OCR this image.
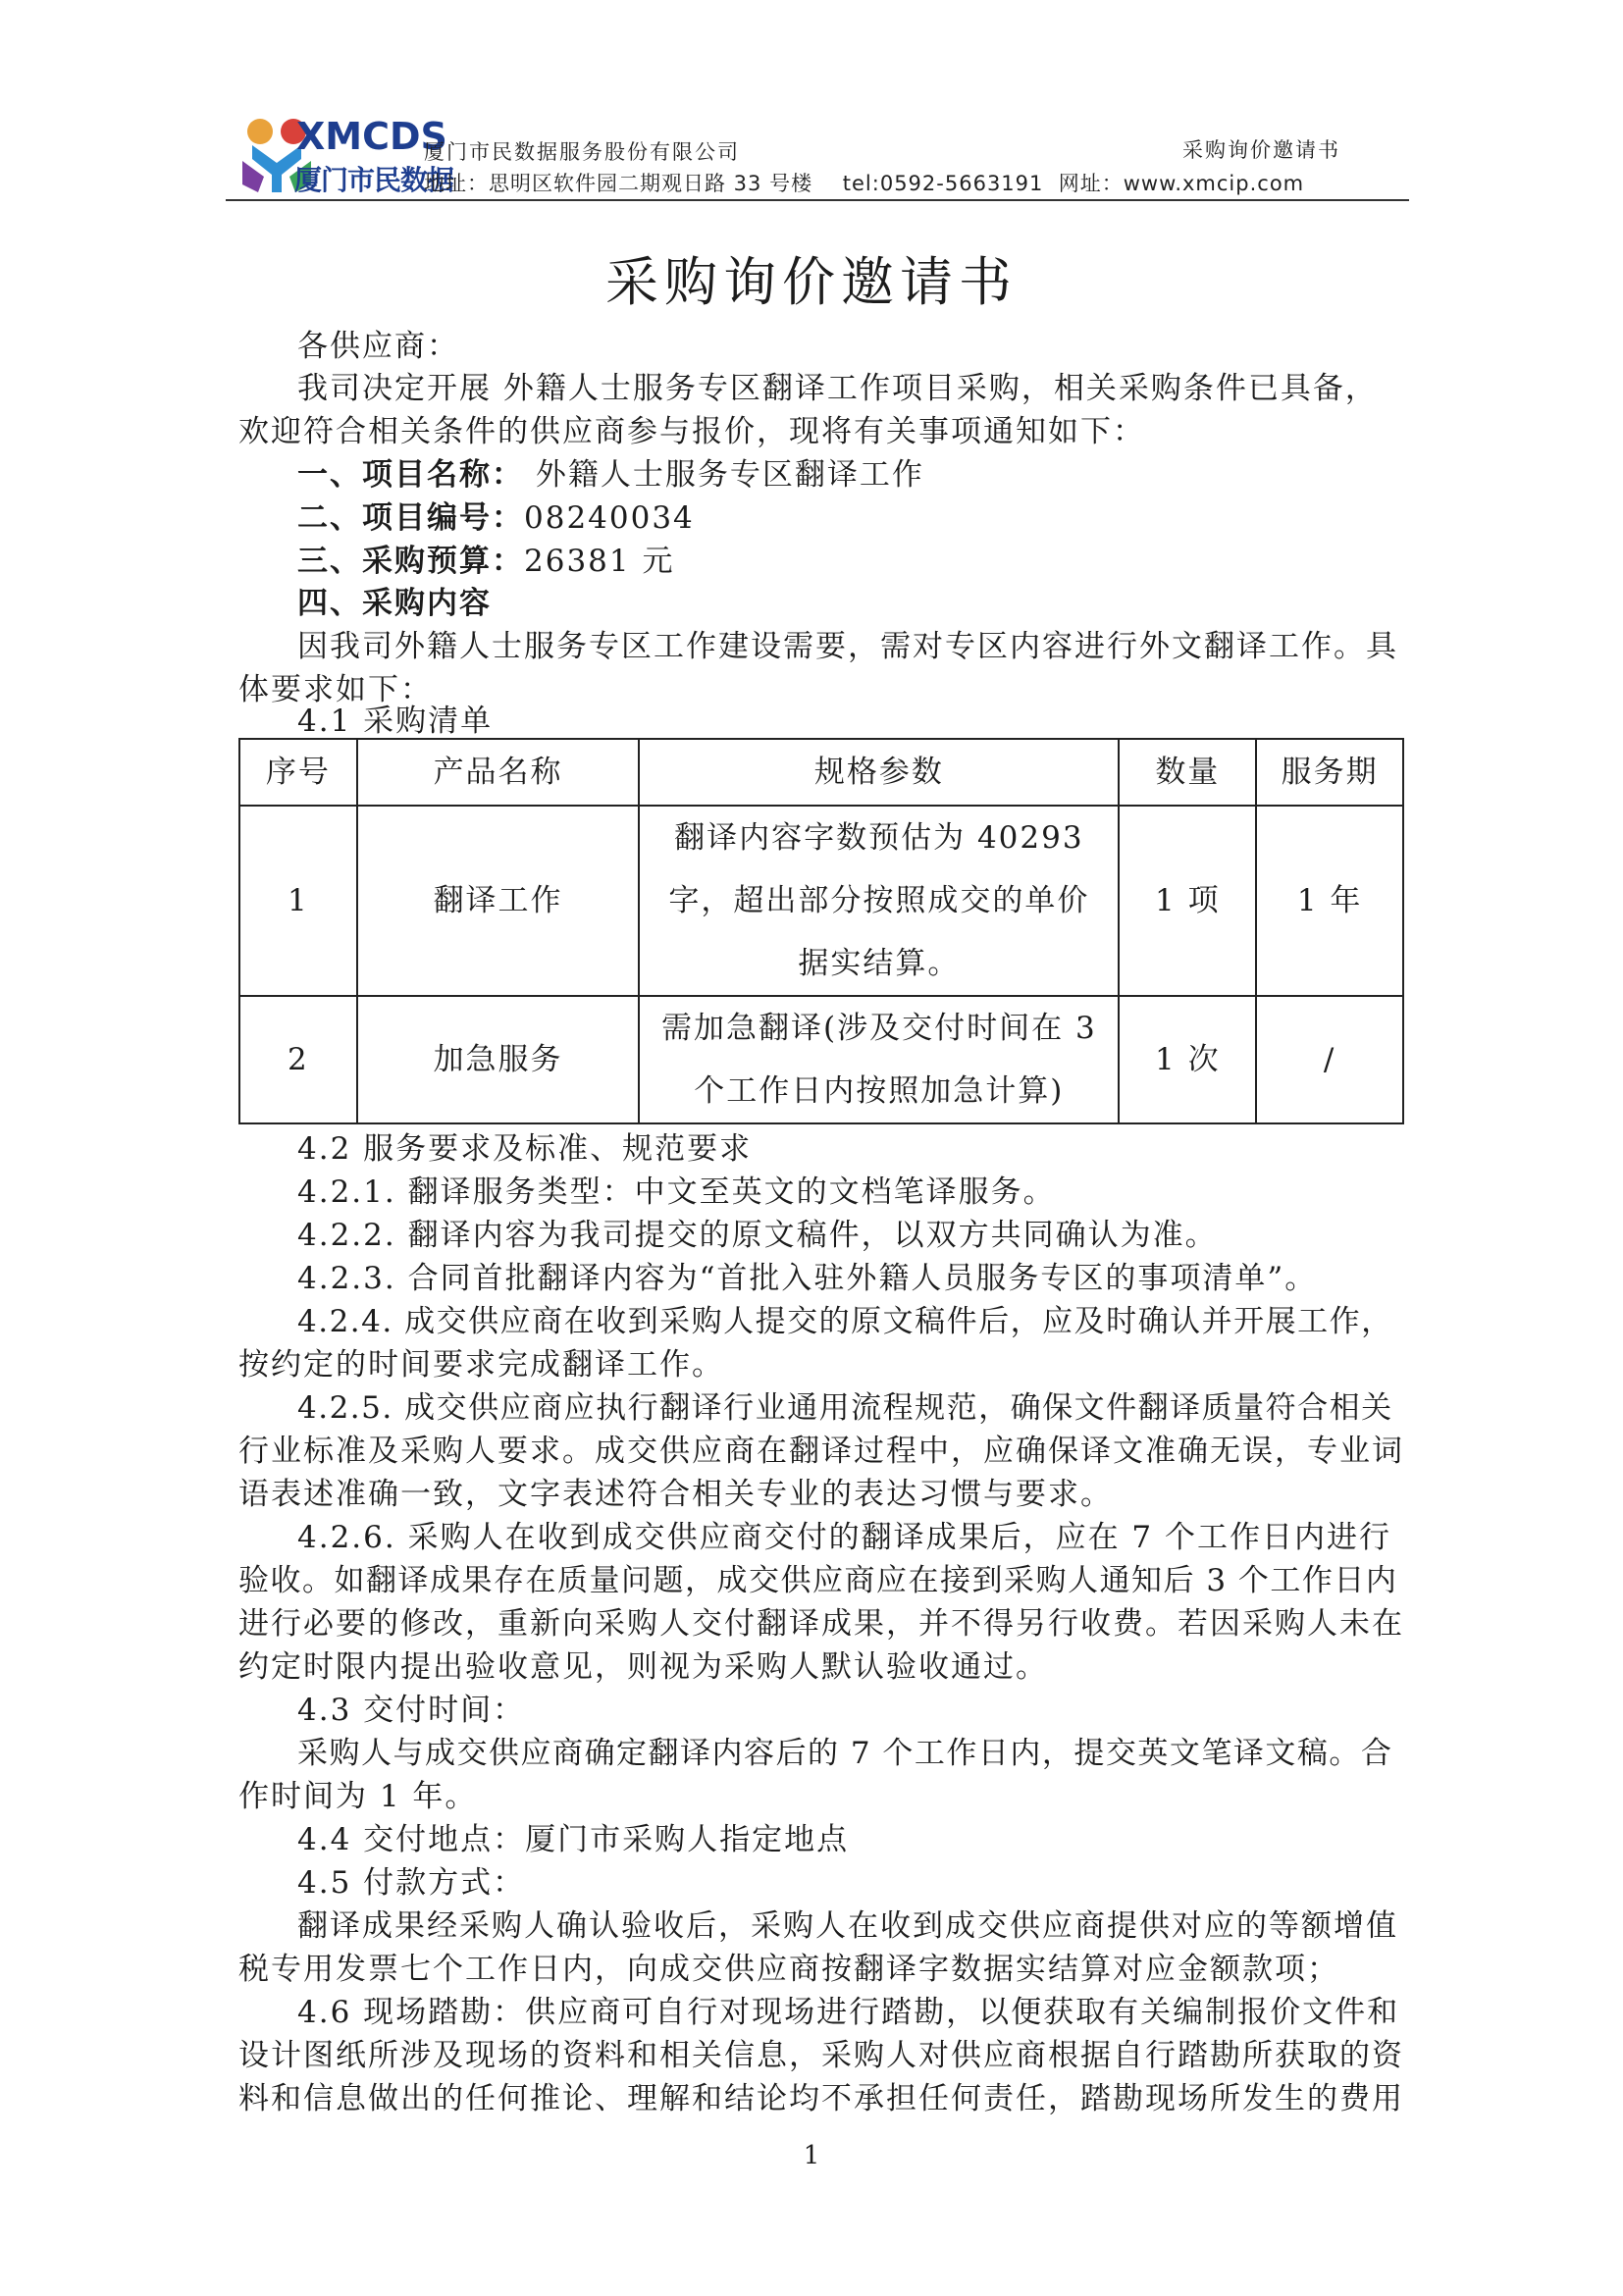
XMCDS
厦门市民数据
厦门市民数据服务股份有限公司
地址：思明区软件园二期观日路 33 号楼    tel:0592-5663191  网址：www.xmcip.com
采购询价邀请书
采购询价邀请书
各供应商：
我司决定开展 外籍人士服务专区翻译工作项目采购，相关采购条件已具备，
欢迎符合相关条件的供应商参与报价，现将有关事项通知如下：
一、项目名称： 外籍人士服务专区翻译工作
二、项目编号：08240034
三、采购预算：26381 元
四、采购内容
因我司外籍人士服务专区工作建设需要，需对专区内容进行外文翻译工作。具
体要求如下：
4.1 采购清单
序号	产品名称	规格参数	数量	服务期
1	翻译工作	翻译内容字数预估为 40293
字，超出部分按照成交的单价
据实结算。	1 项	1 年
2	加急服务	需加急翻译(涉及交付时间在 3
个工作日内按照加急计算)	1 次	/
4.2 服务要求及标准、规范要求
4.2.1. 翻译服务类型：中文至英文的文档笔译服务。
4.2.2. 翻译内容为我司提交的原文稿件，以双方共同确认为准。
4.2.3. 合同首批翻译内容为“首批入驻外籍人员服务专区的事项清单”。
4.2.4. 成交供应商在收到采购人提交的原文稿件后，应及时确认并开展工作，
按约定的时间要求完成翻译工作。
4.2.5. 成交供应商应执行翻译行业通用流程规范，确保文件翻译质量符合相关
行业标准及采购人要求。成交供应商在翻译过程中，应确保译文准确无误，专业词
语表述准确一致，文字表述符合相关专业的表达习惯与要求。
4.2.6. 采购人在收到成交供应商交付的翻译成果后，应在 7 个工作日内进行
验收。如翻译成果存在质量问题，成交供应商应在接到采购人通知后 3 个工作日内
进行必要的修改，重新向采购人交付翻译成果，并不得另行收费。若因采购人未在
约定时限内提出验收意见，则视为采购人默认验收通过。
4.3 交付时间：
采购人与成交供应商确定翻译内容后的 7 个工作日内，提交英文笔译文稿。合
作时间为 1 年。
4.4 交付地点：厦门市采购人指定地点
4.5 付款方式：
翻译成果经采购人确认验收后，采购人在收到成交供应商提供对应的等额增值
税专用发票七个工作日内，向成交供应商按翻译字数据实结算对应金额款项；
4.6 现场踏勘：供应商可自行对现场进行踏勘，以便获取有关编制报价文件和
设计图纸所涉及现场的资料和相关信息，采购人对供应商根据自行踏勘所获取的资
料和信息做出的任何推论、理解和结论均不承担任何责任，踏勘现场所发生的费用
1
